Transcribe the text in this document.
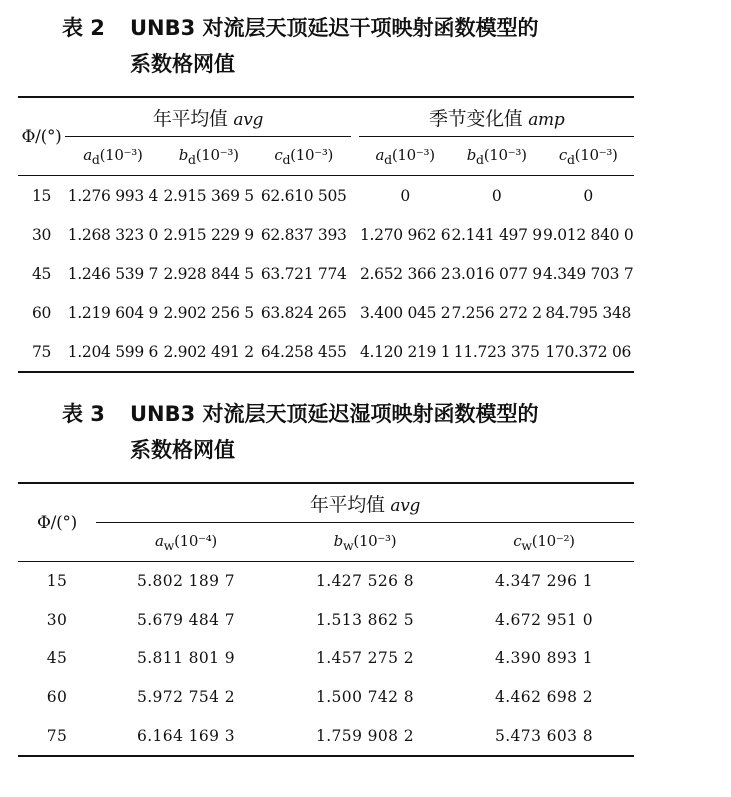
表 2 UNB3 对流层天顶延迟干项映射函数模型的
系数格网值
Φ/(°)	年平均值 avg				季节变化值 amp		
	$a_d(10^{-3})$	$b_d(10^{-3})$	$c_d(10^{-3})$		$a_d(10^{-3})$	$b_d(10^{-3})$	$c_d(10^{-3})$
15	1.276 993 4	2.915 369 5	62.610 505		0	0	0
30	1.268 323 0	2.915 229 9	62.837 393		1.270 962 6	2.141 497 9	9.012 840 0
45	1.246 539 7	2.928 844 5	63.721 774		2.652 366 2	3.016 077 9	4.349 703 7
60	1.219 604 9	2.902 256 5	63.824 265		3.400 045 2	7.256 272 2	84.795 348
75	1.204 599 6	2.902 491 2	64.258 455		4.120 219 1	11.723 375	170.372 06
表 3 UNB3 对流层天顶延迟湿项映射函数模型的
系数格网值
Φ/(°)	年平均值 avg		
	$a_w(10^{-4})$	$b_w(10^{-3})$	$c_w(10^{-2})$
15	5.802 189 7	1.427 526 8	4.347 296 1
30	5.679 484 7	1.513 862 5	4.672 951 0
45	5.811 801 9	1.457 275 2	4.390 893 1
60	5.972 754 2	1.500 742 8	4.462 698 2
75	6.164 169 3	1.759 908 2	5.473 603 8
